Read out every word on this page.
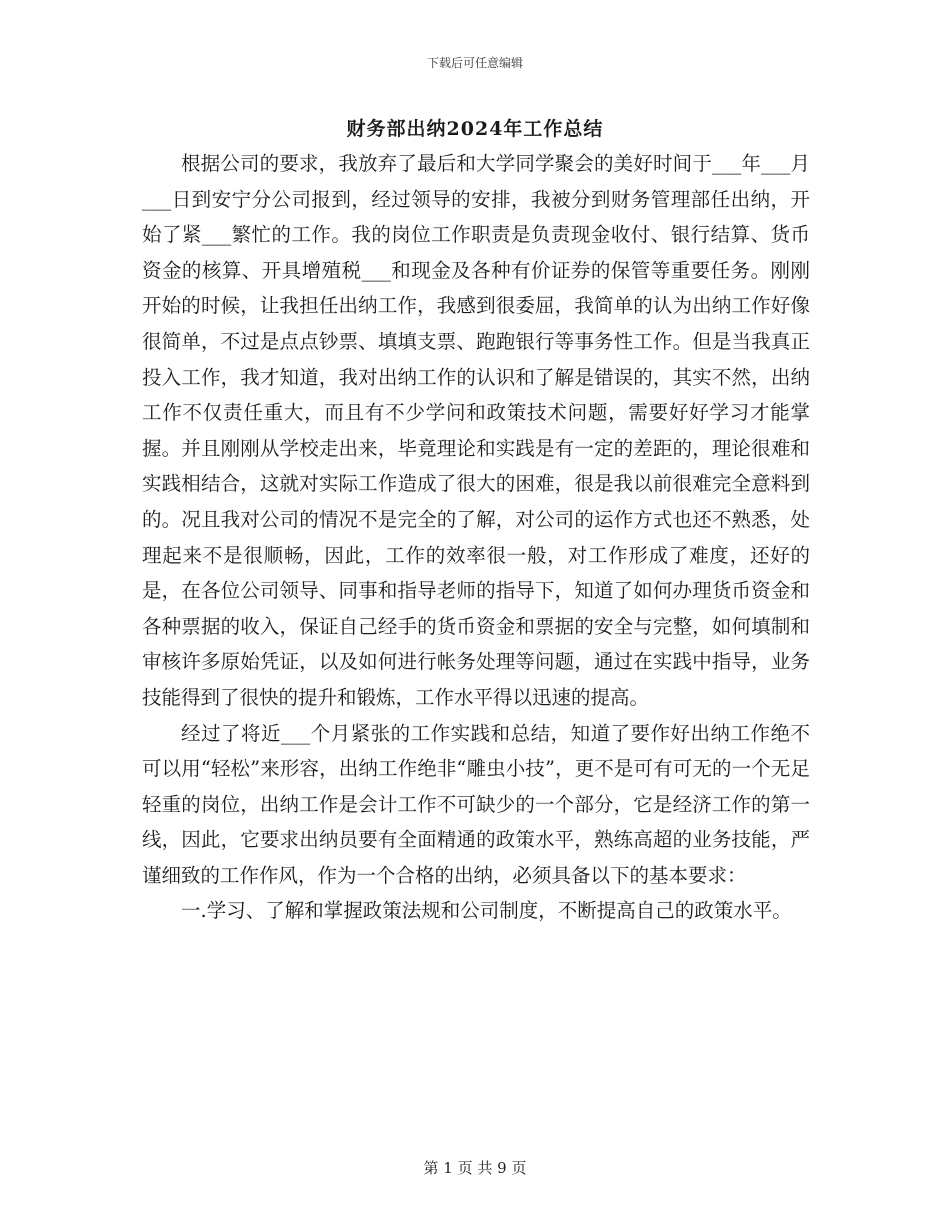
下载后可任意编辑
财务部出纳2024年工作总结

根据公司的要求，我放弃了最后和大学同学聚会的美好时间于___年___月___日到安宁分公司报到，经过领导的安排，我被分到财务管理部任出纳，开始了紧___繁忙的工作。我的岗位工作职责是负责现金收付、银行结算、货币资金的核算、开具增殖税___和现金及各种有价证券的保管等重要任务。刚刚开始的时候，让我担任出纳工作，我感到很委屈，我简单的认为出纳工作好像很简单，不过是点点钞票、填填支票、跑跑银行等事务性工作。但是当我真正投入工作，我才知道，我对出纳工作的认识和了解是错误的，其实不然，出纳工作不仅责任重大，而且有不少学问和政策技术问题，需要好好学习才能掌握。并且刚刚从学校走出来，毕竟理论和实践是有一定的差距的，理论很难和实践相结合，这就对实际工作造成了很大的困难，很是我以前很难完全意料到的。况且我对公司的情况不是完全的了解，对公司的运作方式也还不熟悉，处理起来不是很顺畅，因此，工作的效率很一般，对工作形成了难度，还好的是，在各位公司领导、同事和指导老师的指导下，知道了如何办理货币资金和各种票据的收入，保证自己经手的货币资金和票据的安全与完整，如何填制和审核许多原始凭证，以及如何进行帐务处理等问题，通过在实践中指导，业务技能得到了很快的提升和锻炼，工作水平得以迅速的提高。

经过了将近___个月紧张的工作实践和总结，知道了要作好出纳工作绝不可以用“轻松”来形容，出纳工作绝非“雕虫小技”，更不是可有可无的一个无足轻重的岗位，出纳工作是会计工作不可缺少的一个部分，它是经济工作的第一线，因此，它要求出纳员要有全面精通的政策水平，熟练高超的业务技能，严谨细致的工作作风，作为一个合格的出纳，必须具备以下的基本要求：

一.学习、了解和掌握政策法规和公司制度，不断提高自己的政策水平。

第 1 页 共 9 页
